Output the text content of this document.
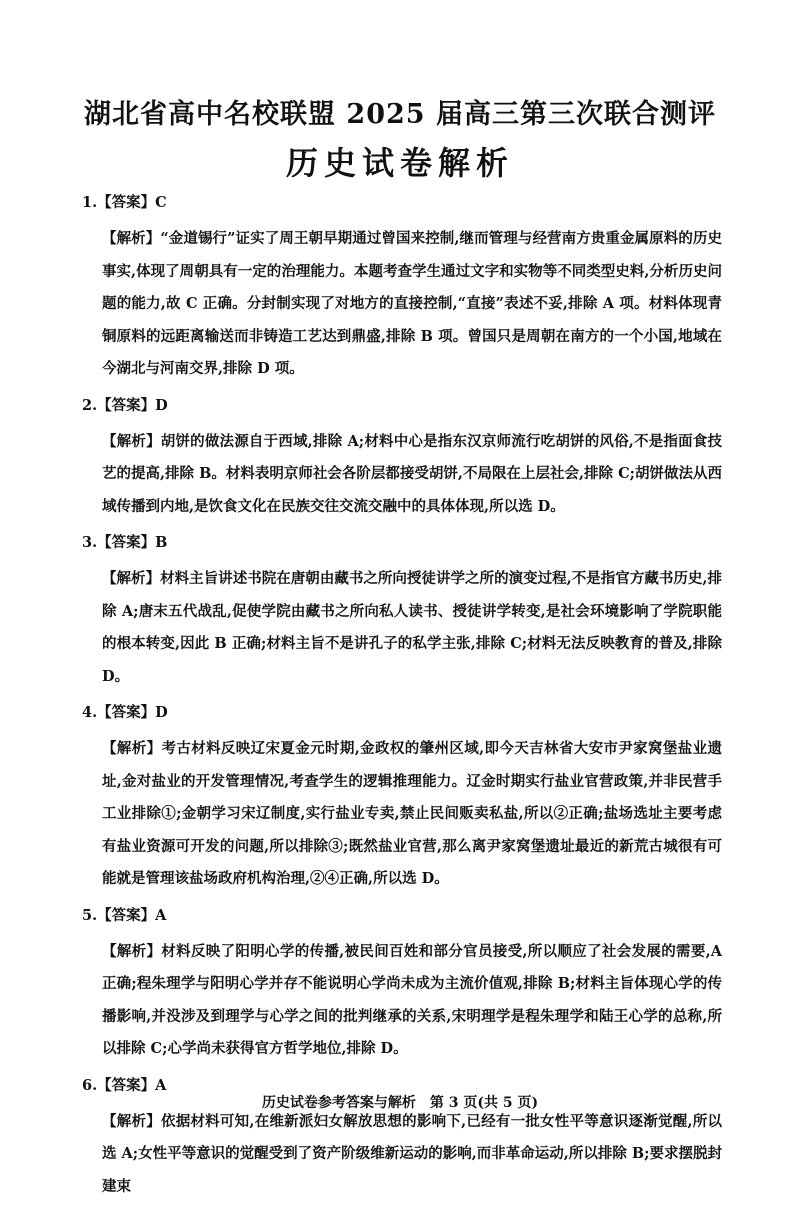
湖北省高中名校联盟 2025 届高三第三次联合测评
历史试卷解析
1.【答案】C
【解析】“金道锡行”证实了周王朝早期通过曾国来控制,继而管理与经营南方贵重金属原料的历史事实,体现了周朝具有一定的治理能力。本题考查学生通过文字和实物等不同类型史料,分析历史问题的能力,故 C 正确。分封制实现了对地方的直接控制,“直接”表述不妥,排除 A 项。材料体现青铜原料的远距离输送而非铸造工艺达到鼎盛,排除 B 项。曾国只是周朝在南方的一个小国,地域在今湖北与河南交界,排除 D 项。
2.【答案】D
【解析】胡饼的做法源自于西域,排除 A;材料中心是指东汉京师流行吃胡饼的风俗,不是指面食技艺的提高,排除 B。材料表明京师社会各阶层都接受胡饼,不局限在上层社会,排除 C;胡饼做法从西域传播到内地,是饮食文化在民族交往交流交融中的具体体现,所以选 D。
3.【答案】B
【解析】材料主旨讲述书院在唐朝由藏书之所向授徒讲学之所的演变过程,不是指官方藏书历史,排除 A;唐末五代战乱,促使学院由藏书之所向私人读书、授徒讲学转变,是社会环境影响了学院职能的根本转变,因此 B 正确;材料主旨不是讲孔子的私学主张,排除 C;材料无法反映教育的普及,排除 D。
4.【答案】D
【解析】考古材料反映辽宋夏金元时期,金政权的肇州区域,即今天吉林省大安市尹家窝堡盐业遗址,金对盐业的开发管理情况,考查学生的逻辑推理能力。辽金时期实行盐业官营政策,并非民营手工业排除①;金朝学习宋辽制度,实行盐业专卖,禁止民间贩卖私盐,所以②正确;盐场选址主要考虑有盐业资源可开发的问题,所以排除③;既然盐业官营,那么离尹家窝堡遗址最近的新荒古城很有可能就是管理该盐场政府机构治理,②④正确,所以选 D。
5.【答案】A
【解析】材料反映了阳明心学的传播,被民间百姓和部分官员接受,所以顺应了社会发展的需要,A 正确;程朱理学与阳明心学并存不能说明心学尚未成为主流价值观,排除 B;材料主旨体现心学的传播影响,并没涉及到理学与心学之间的批判继承的关系,宋明理学是程朱理学和陆王心学的总称,所以排除 C;心学尚未获得官方哲学地位,排除 D。
6.【答案】A
【解析】依据材料可知,在维新派妇女解放思想的影响下,已经有一批女性平等意识逐渐觉醒,所以选 A;女性平等意识的觉醒受到了资产阶级维新运动的影响,而非革命运动,所以排除 B;要求摆脱封建束
历史试卷参考答案与解析　第 3 页(共 5 页)
